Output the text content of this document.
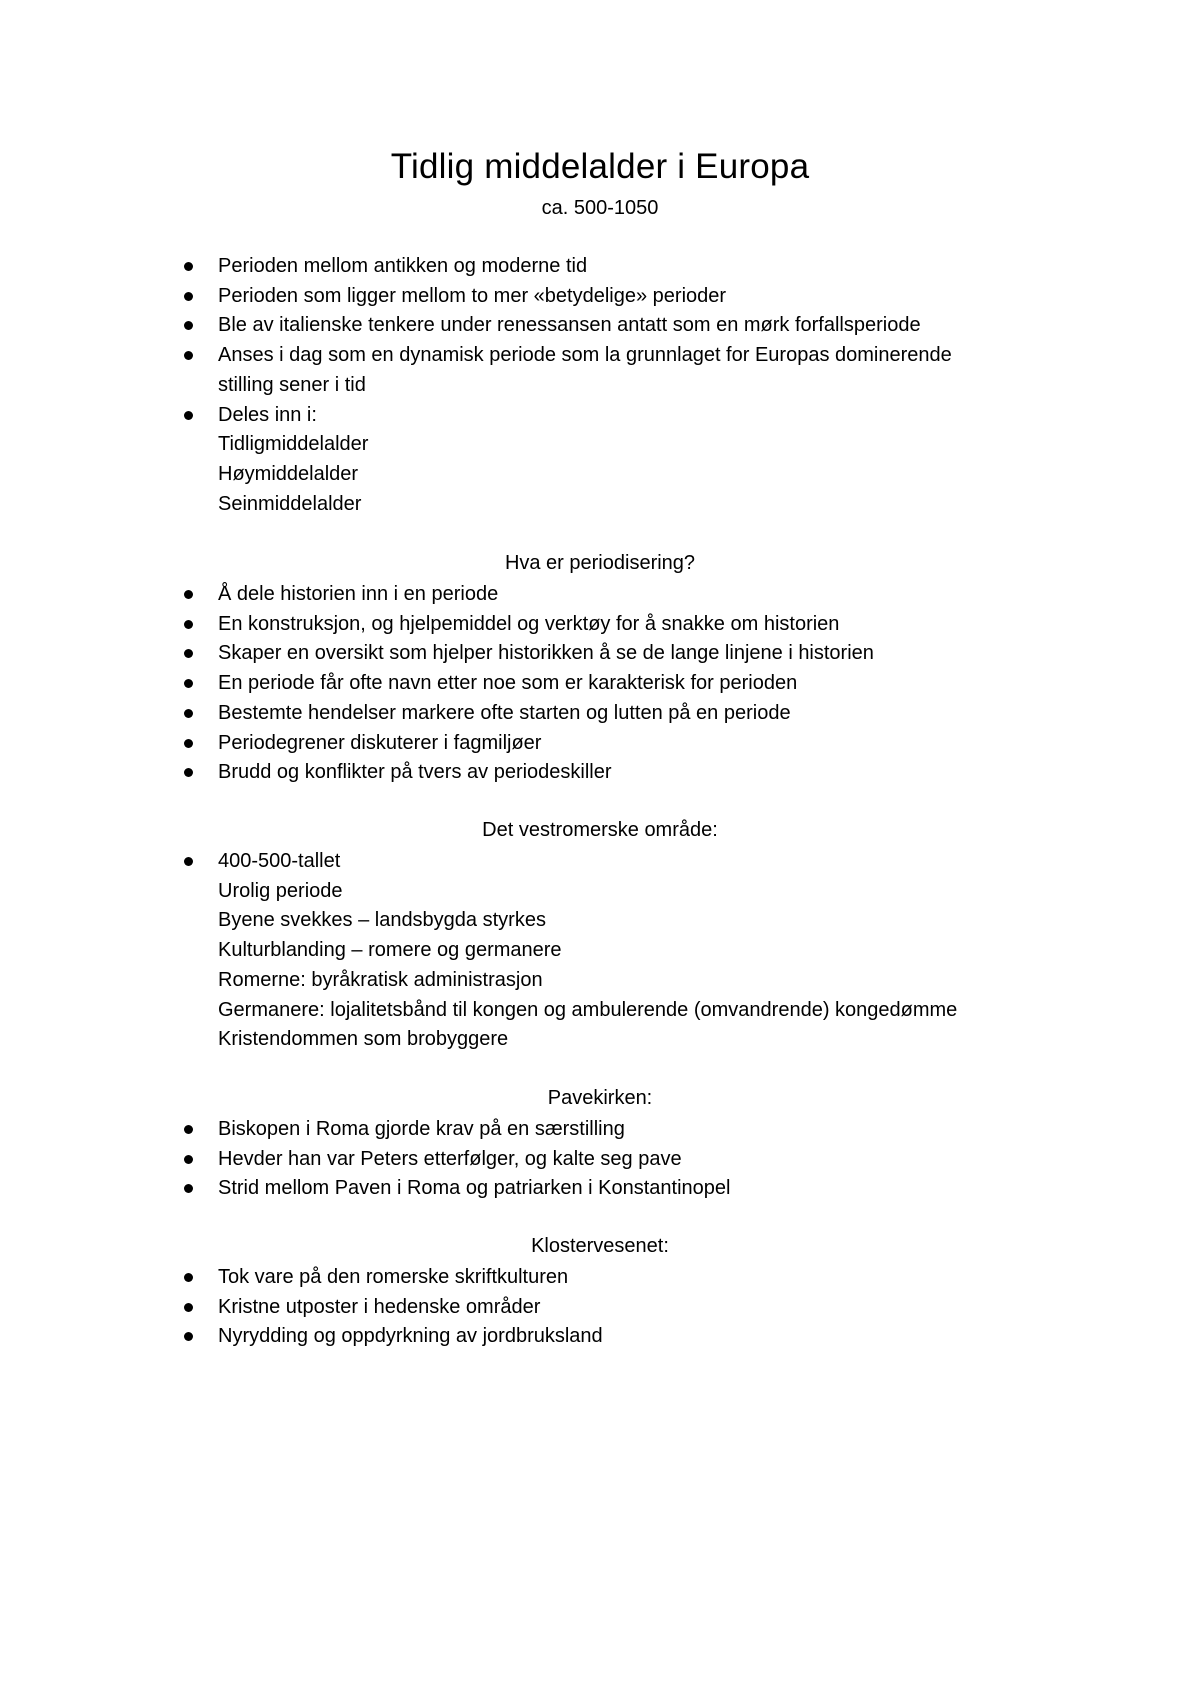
Tidlig middelalder i Europa
ca. 500-1050
Perioden mellom antikken og moderne tid
Perioden som ligger mellom to mer «betydelige» perioder
Ble av italienske tenkere under renessansen antatt som en mørk forfallsperiode
Anses i dag som en dynamisk periode som la grunnlaget for Europas dominerende
stilling sener i tid
Deles inn i:
Tidligmiddelalder
Høymiddelalder
Seinmiddelalder
Hva er periodisering?
Å dele historien inn i en periode
En konstruksjon, og hjelpemiddel og verktøy for å snakke om historien
Skaper en oversikt som hjelper historikken å se de lange linjene i historien
En periode får ofte navn etter noe som er karakterisk for perioden
Bestemte hendelser markere ofte starten og lutten på en periode
Periodegrener diskuterer i fagmiljøer
Brudd og konflikter på tvers av periodeskiller
Det vestromerske område:
400-500-tallet
Urolig periode
Byene svekkes – landsbygda styrkes
Kulturblanding – romere og germanere
Romerne: byråkratisk administrasjon
Germanere: lojalitetsbånd til kongen og ambulerende (omvandrende) kongedømme
Kristendommen som brobyggere
Pavekirken:
Biskopen i Roma gjorde krav på en særstilling
Hevder han var Peters etterfølger, og kalte seg pave
Strid mellom Paven i Roma og patriarken i Konstantinopel
Klostervesenet:
Tok vare på den romerske skriftkulturen
Kristne utposter i hedenske områder
Nyrydding og oppdyrkning av jordbruksland
